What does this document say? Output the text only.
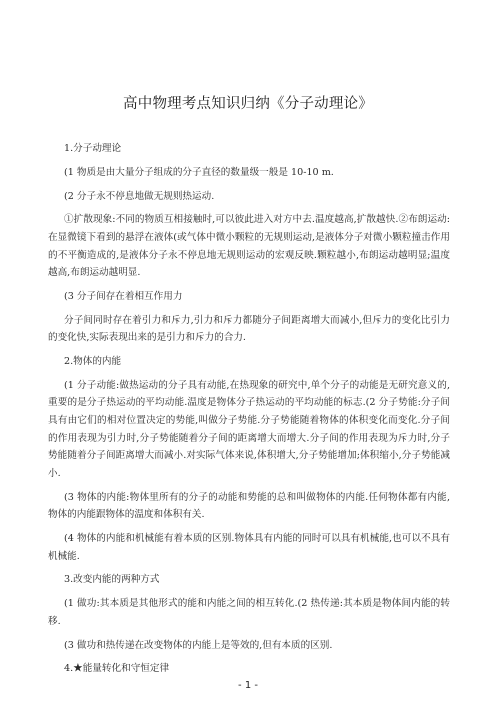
高中物理考点知识归纳《分子动理论》

1.分子动理论

(1 物质是由大量分子组成的分子直径的数量级一般是 10-10 m.

(2 分子永不停息地做无规则热运动.

①扩散现象:不同的物质互相接触时,可以彼此进入对方中去.温度越高,扩散越快.②布朗运动:在显微镜下看到的悬浮在液体(或气体中微小颗粒的无规则运动,是液体分子对微小颗粒撞击作用的不平衡造成的,是液体分子永不停息地无规则运动的宏观反映.颗粒越小,布朗运动越明显;温度越高,布朗运动越明显.

(3 分子间存在着相互作用力

分子间同时存在着引力和斥力,引力和斥力都随分子间距离增大而减小,但斥力的变化比引力的变化快,实际表现出来的是引力和斥力的合力.

2.物体的内能

(1 分子动能:做热运动的分子具有动能,在热现象的研究中,单个分子的动能是无研究意义的,重要的是分子热运动的平均动能.温度是物体分子热运动的平均动能的标志.(2 分子势能:分子间具有由它们的相对位置决定的势能,叫做分子势能.分子势能随着物体的体积变化而变化.分子间的作用表现为引力时,分子势能随着分子间的距离增大而增大.分子间的作用表现为斥力时,分子势能随着分子间距离增大而减小.对实际气体来说,体积增大,分子势能增加;体积缩小,分子势能减小.

(3 物体的内能:物体里所有的分子的动能和势能的总和叫做物体的内能.任何物体都有内能,物体的内能跟物体的温度和体积有关.

(4 物体的内能和机械能有着本质的区别.物体具有内能的同时可以具有机械能,也可以不具有机械能.

3.改变内能的两种方式

(1 做功:其本质是其他形式的能和内能之间的相互转化.(2 热传递:其本质是物体间内能的转移.

(3 做功和热传递在改变物体的内能上是等效的,但有本质的区别.

4.★能量转化和守恒定律

- 1 -
